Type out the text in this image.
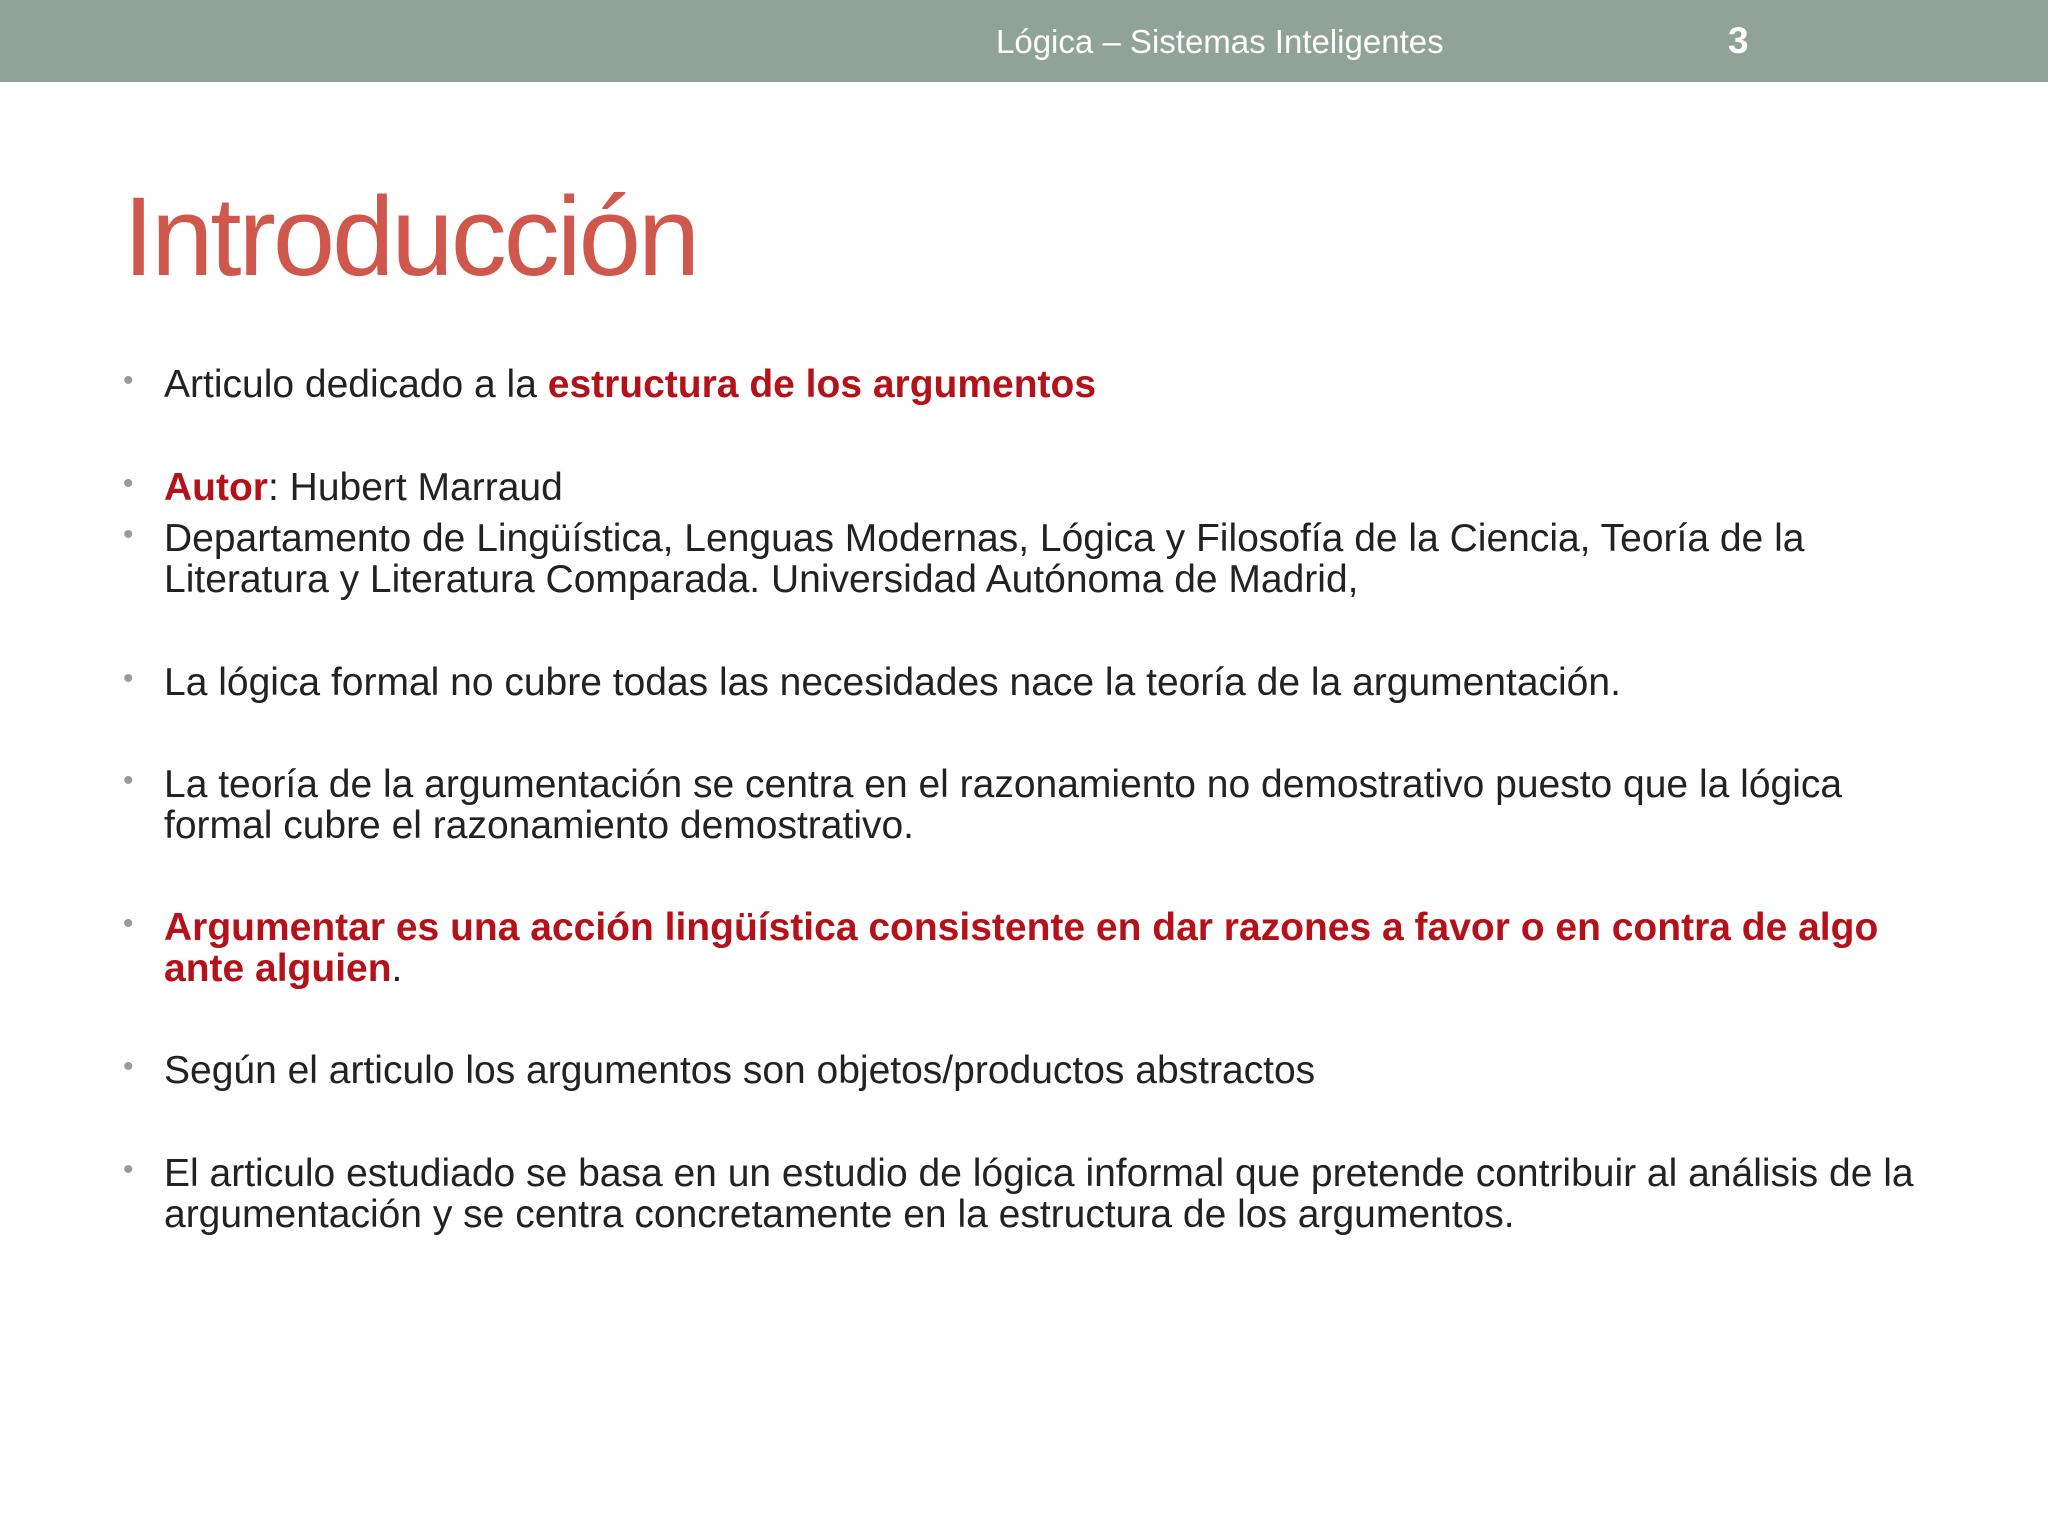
Lógica – Sistemas Inteligentes	3
Introducción
• Articulo dedicado a la estructura de los argumentos
• Autor: Hubert Marraud
• Departamento de Lingüística, Lenguas Modernas, Lógica y Filosofía de la Ciencia, Teoría de la Literatura y Literatura Comparada. Universidad Autónoma de Madrid,
• La lógica formal no cubre todas las necesidades nace la teoría de la argumentación.
• La teoría de la argumentación se centra en el razonamiento no demostrativo puesto que la lógica formal cubre el razonamiento demostrativo.
• Argumentar es una acción lingüística consistente en dar razones a favor o en contra de algo ante alguien.
• Según el articulo los argumentos son objetos/productos abstractos
• El articulo estudiado se basa en un estudio de lógica informal que pretende contribuir al análisis de la argumentación y se centra concretamente en la estructura de los argumentos.
